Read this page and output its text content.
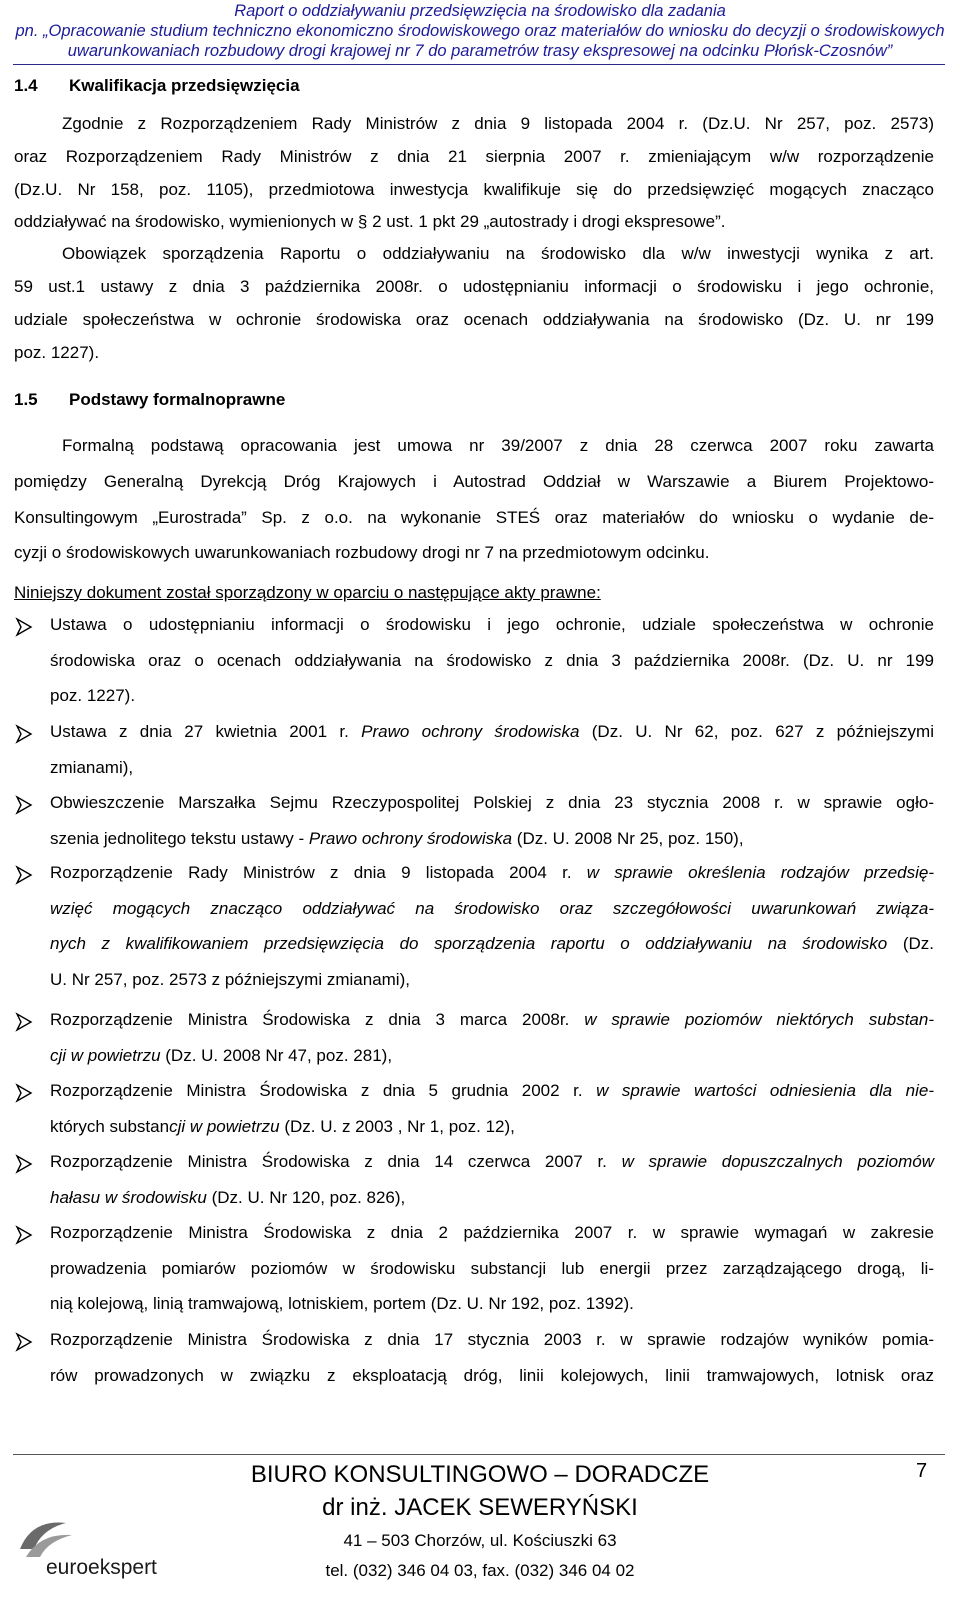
Raport o oddziaływaniu przedsięwzięcia na środowisko dla zadania
pn. „Opracowanie studium techniczno ekonomiczno środowiskowego oraz materiałów do wniosku do decyzji o środowiskowych
uwarunkowaniach rozbudowy drogi krajowej nr 7 do parametrów trasy ekspresowej na odcinku Płońsk-Czosnów”
1.4 Kwalifikacja przedsięwzięcia
Zgodnie z Rozporządzeniem Rady Ministrów z dnia 9 listopada 2004 r. (Dz.U. Nr 257, poz. 2573)
oraz Rozporządzeniem Rady Ministrów z dnia 21 sierpnia 2007 r. zmieniającym w/w rozporządzenie
(Dz.U. Nr 158, poz. 1105), przedmiotowa inwestycja kwalifikuje się do przedsięwzięć mogących znacząco
oddziaływać na środowisko, wymienionych w § 2 ust. 1 pkt 29 „autostrady i drogi ekspresowe”.
Obowiązek sporządzenia Raportu o oddziaływaniu na środowisko dla w/w inwestycji wynika z art.
59 ust.1 ustawy z dnia 3 października 2008r. o udostępnianiu informacji o środowisku i jego ochronie,
udziale społeczeństwa w ochronie środowiska oraz ocenach oddziaływania na środowisko (Dz. U. nr 199
poz. 1227).
1.5 Podstawy formalnoprawne
Formalną podstawą opracowania jest umowa nr 39/2007 z dnia 28 czerwca 2007 roku zawarta
pomiędzy Generalną Dyrekcją Dróg Krajowych i Autostrad Oddział w Warszawie a Biurem Projektowo-
Konsultingowym „Eurostrada” Sp. z o.o. na wykonanie STEŚ oraz materiałów do wniosku o wydanie de-
cyzji o środowiskowych uwarunkowaniach rozbudowy drogi nr 7 na przedmiotowym odcinku.
Niniejszy dokument został sporządzony w oparciu o następujące akty prawne:
Ustawa o udostępnianiu informacji o środowisku i jego ochronie, udziale społeczeństwa w ochronie
środowiska oraz o ocenach oddziaływania na środowisko z dnia 3 października 2008r. (Dz. U. nr 199
poz. 1227).
Ustawa z dnia 27 kwietnia 2001 r. Prawo ochrony środowiska (Dz. U. Nr 62, poz. 627 z późniejszymi
zmianami),
Obwieszczenie Marszałka Sejmu Rzeczypospolitej Polskiej z dnia 23 stycznia 2008 r. w sprawie ogło-
szenia jednolitego tekstu ustawy - Prawo ochrony środowiska (Dz. U. 2008 Nr 25, poz. 150),
Rozporządzenie Rady Ministrów z dnia 9 listopada 2004 r. w sprawie określenia rodzajów przedsię-
wzięć mogących znacząco oddziaływać na środowisko oraz szczegółowości uwarunkowań związa-
nych z kwalifikowaniem przedsięwzięcia do sporządzenia raportu o oddziaływaniu na środowisko (Dz.
U. Nr 257, poz. 2573 z późniejszymi zmianami),
Rozporządzenie Ministra Środowiska z dnia 3 marca 2008r. w sprawie poziomów niektórych substan-
cji w powietrzu (Dz. U. 2008 Nr 47, poz. 281),
Rozporządzenie Ministra Środowiska z dnia 5 grudnia 2002 r. w sprawie wartości odniesienia dla nie-
których substancji w powietrzu (Dz. U. z 2003 , Nr 1, poz. 12),
Rozporządzenie Ministra Środowiska z dnia 14 czerwca 2007 r. w sprawie dopuszczalnych poziomów
hałasu w środowisku (Dz. U. Nr 120, poz. 826),
Rozporządzenie Ministra Środowiska z dnia 2 października 2007 r. w sprawie wymagań w zakresie
prowadzenia pomiarów poziomów w środowisku substancji lub energii przez zarządzającego drogą, li-
nią kolejową, linią tramwajową, lotniskiem, portem (Dz. U. Nr 192, poz. 1392).
Rozporządzenie Ministra Środowiska z dnia 17 stycznia 2003 r. w sprawie rodzajów wyników pomia-
rów prowadzonych w związku z eksploatacją dróg, linii kolejowych, linii tramwajowych, lotnisk oraz
7
BIURO KONSULTINGOWO – DORADCZE
dr inż. JACEK SEWERYŃSKI
41 – 503 Chorzów, ul. Kościuszki 63
tel. (032) 346 04 03, fax. (032) 346 04 02
euroekspert
